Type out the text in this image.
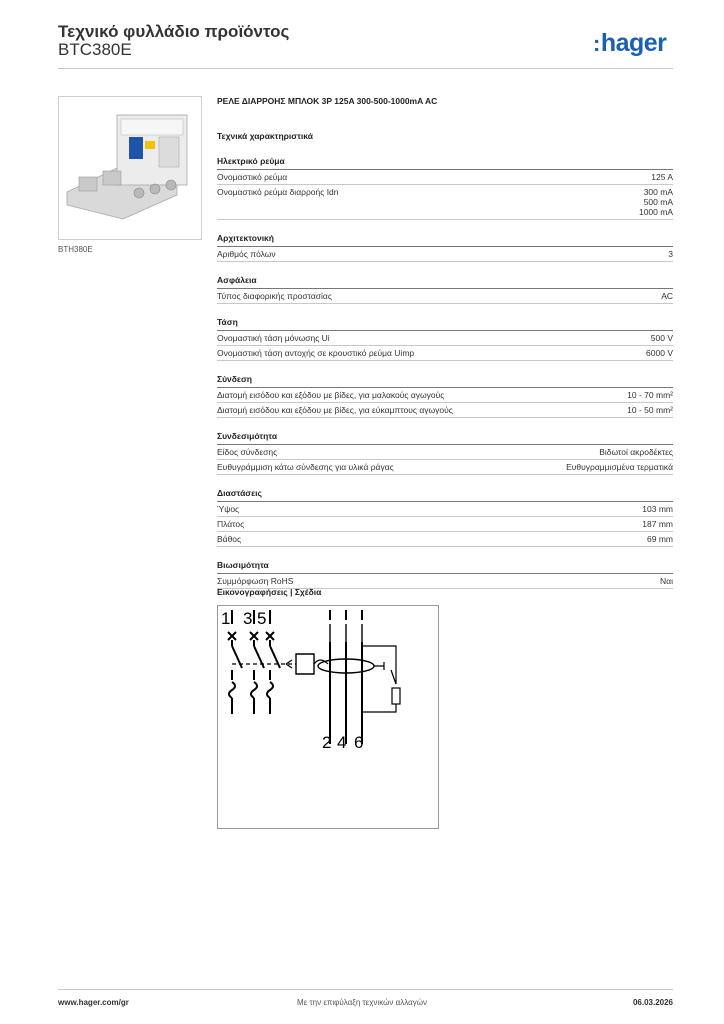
Τεχνικό φυλλάδιο προϊόντος
BTC380E	:hager
BTH380E
ΡΕΛΕ ΔΙΑΡΡΟΗΣ ΜΠΛΟΚ 3P 125A 300-500-1000mA AC
Τεχνικά χαρακτηριστικά
Ηλεκτρικό ρεύμα
Ονομαστικό ρεύμα	125 A
Ονομαστικό ρεύμα διαρροής Idn	300 mA
500 mA
1000 mA
Αρχιτεκτονική
Αριθμός πόλων	3
Ασφάλεια
Τύπος διαφορικής προστασίας	AC
Τάση
Ονομαστική τάση μόνωσης Ui	500 V
Ονομαστική τάση αντοχής σε κρουστικό ρεύμα Uimp	6000 V
Σύνδεση
Διατομή εισόδου και εξόδου με βίδες, για μαλακούς αγωγούς	10 - 70 mm²
Διατομή εισόδου και εξόδου με βίδες, για εύκαμπτους αγωγούς	10 - 50 mm²
Συνδεσιμότητα
Είδος σύνδεσης	Βιδωτοί ακροδέκτες
Ευθυγράμμιση κάτω σύνδεσης για υλικά ράγας	Ευθυγραμμισμένα τερματικά
Διαστάσεις
Ύψος	103 mm
Πλάτος	187 mm
Βάθος	69 mm
Βιωσιμότητα
Συμμόρφωση RoHS	Ναι
Εικονογραφήσεις | Σχέδια
1 3 5
2 4 6
www.hager.com/gr	Με την επιφύλαξη τεχνικών αλλαγών	06.03.2026
